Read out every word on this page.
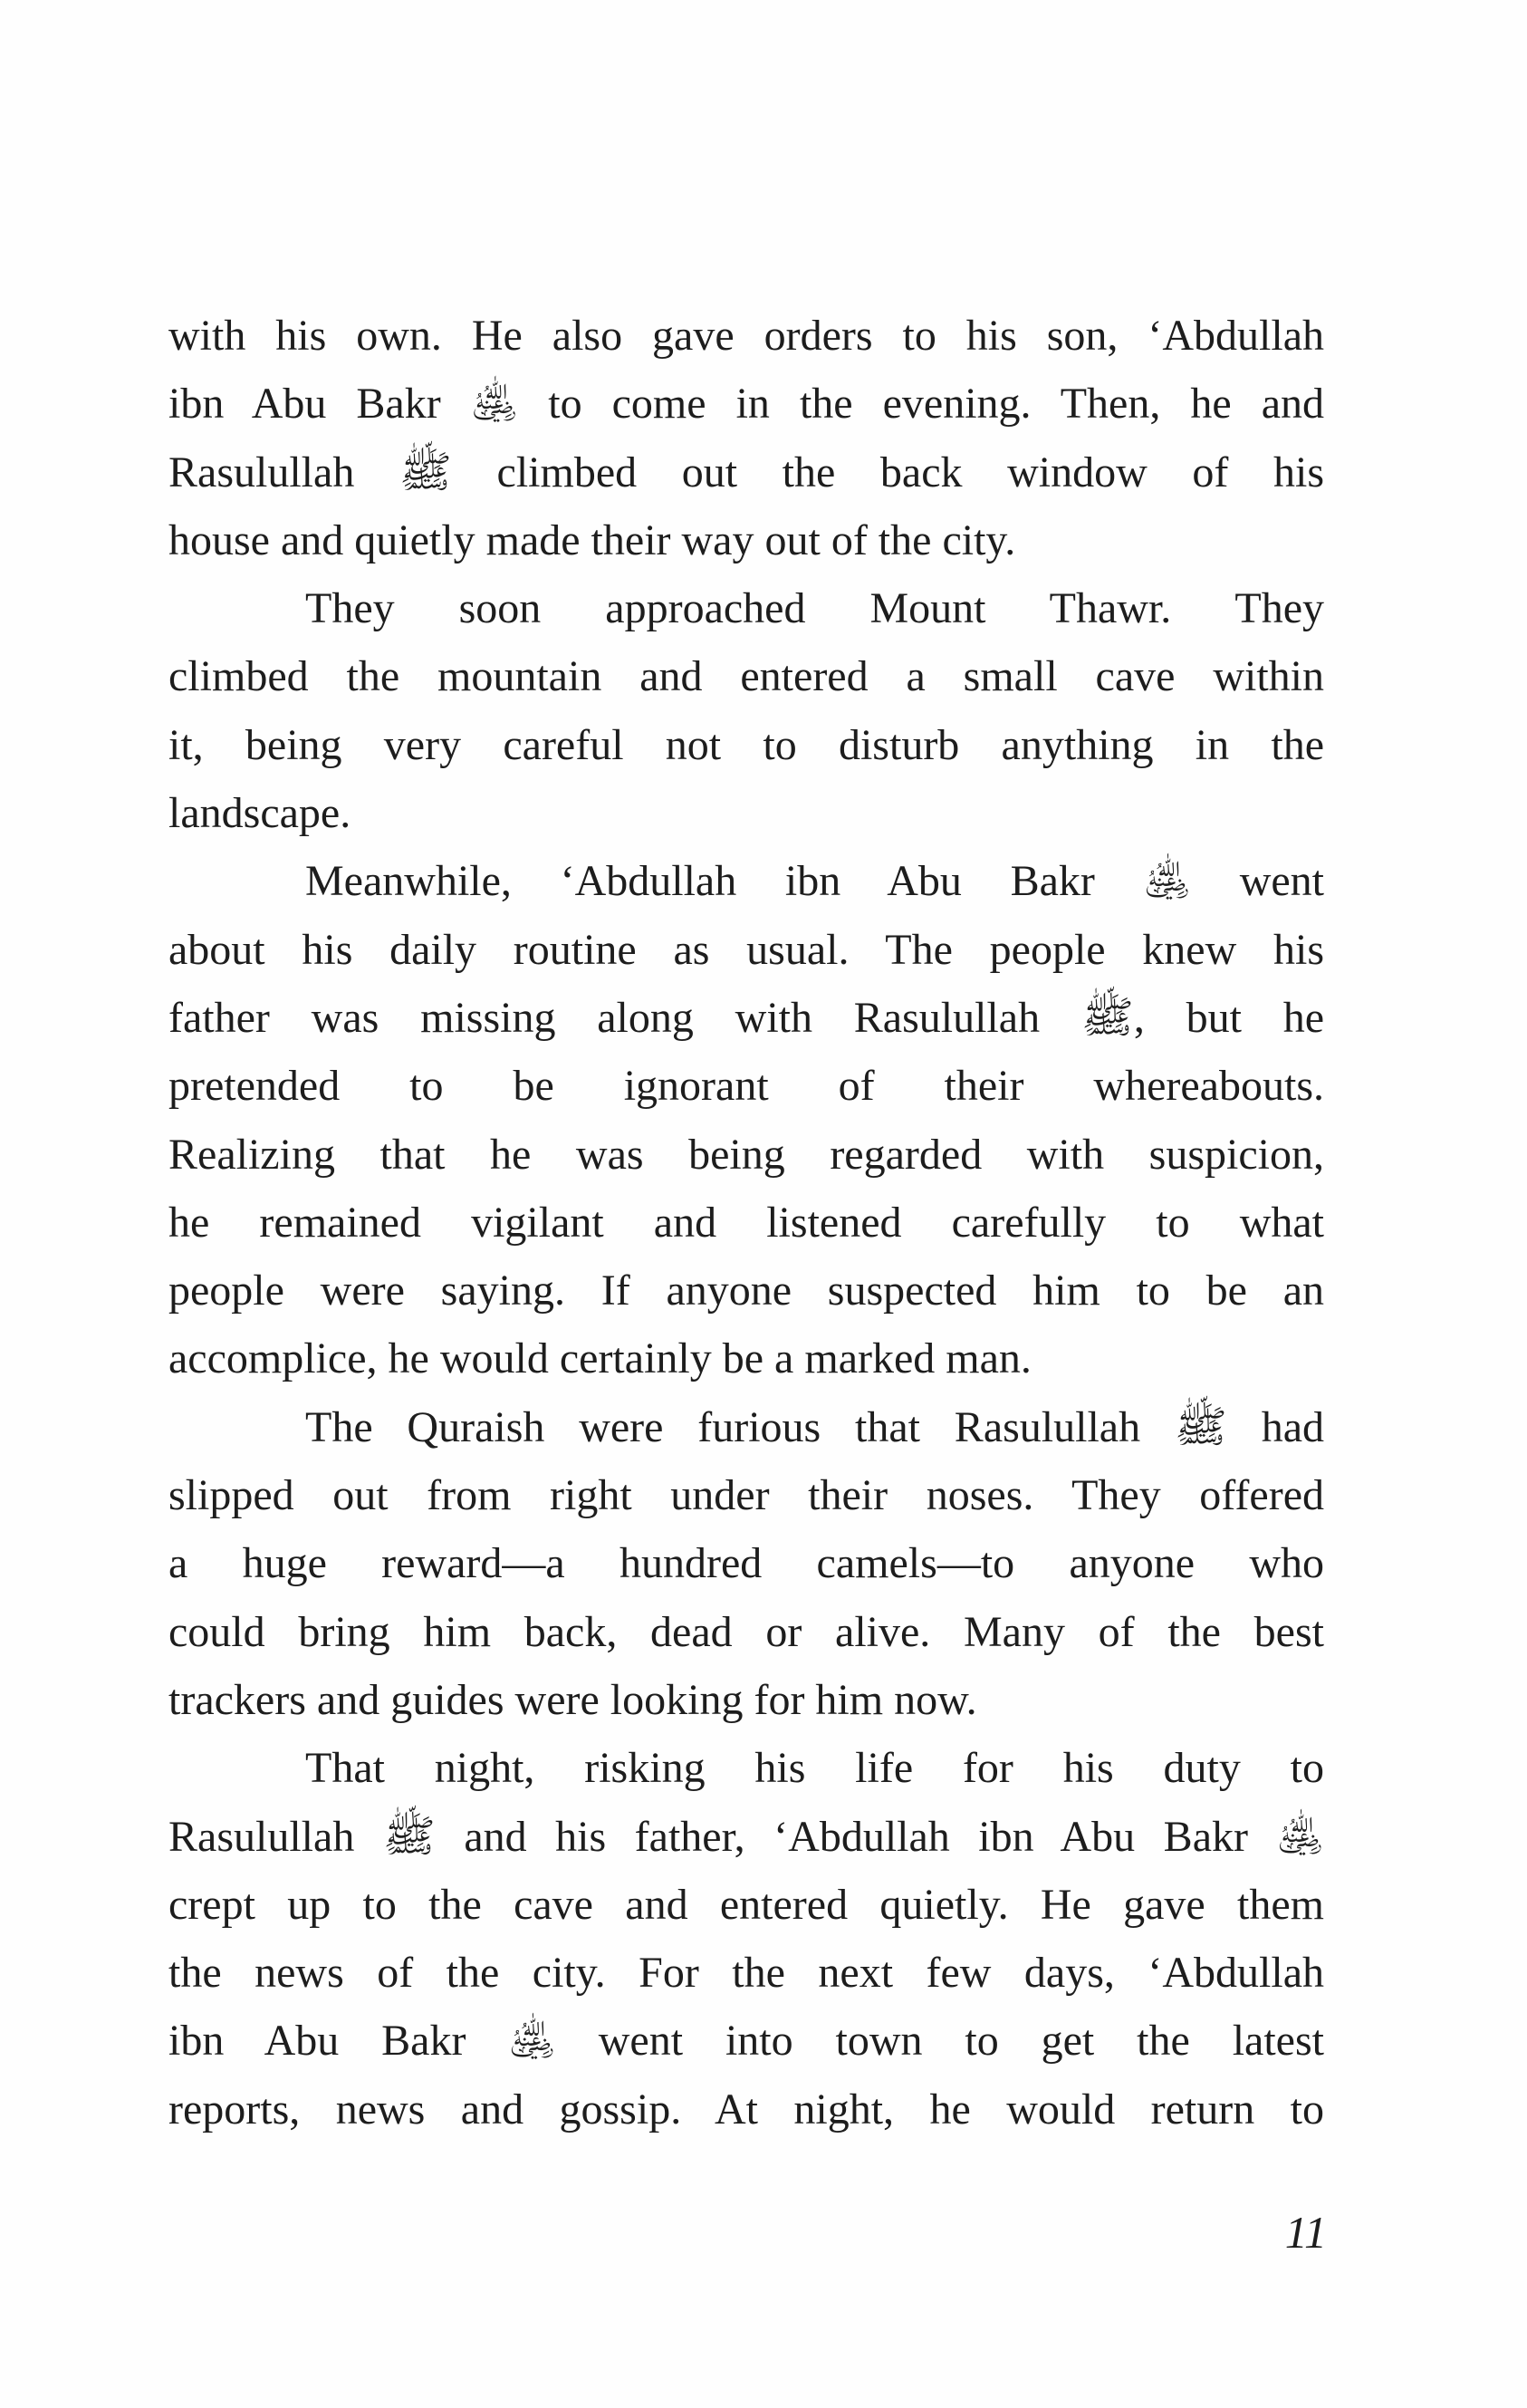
with his own. He also gave orders to his son, ‘Abdullah
ibn Abu Bakr ﵁ to come in the evening. Then, he and
Rasulullah ﷺ climbed out the back window of his
house and quietly made their way out of the city.
They soon approached Mount Thawr. They
climbed the mountain and entered a small cave within
it, being very careful not to disturb anything in the
landscape.
Meanwhile, ‘Abdullah ibn Abu Bakr ﵁ went
about his daily routine as usual. The people knew his
father was missing along with Rasulullah ﷺ, but he
pretended to be ignorant of their whereabouts.
Realizing that he was being regarded with suspicion,
he remained vigilant and listened carefully to what
people were saying. If anyone suspected him to be an
accomplice, he would certainly be a marked man.
The Quraish were furious that Rasulullah ﷺ had
slipped out from right under their noses. They offered
a huge reward—a hundred camels—to anyone who
could bring him back, dead or alive. Many of the best
trackers and guides were looking for him now.
That night, risking his life for his duty to
Rasulullah ﷺ and his father, ‘Abdullah ibn Abu Bakr ﵁
crept up to the cave and entered quietly. He gave them
the news of the city. For the next few days, ‘Abdullah
ibn Abu Bakr ﵁ went into town to get the latest
reports, news and gossip. At night, he would return to
11
